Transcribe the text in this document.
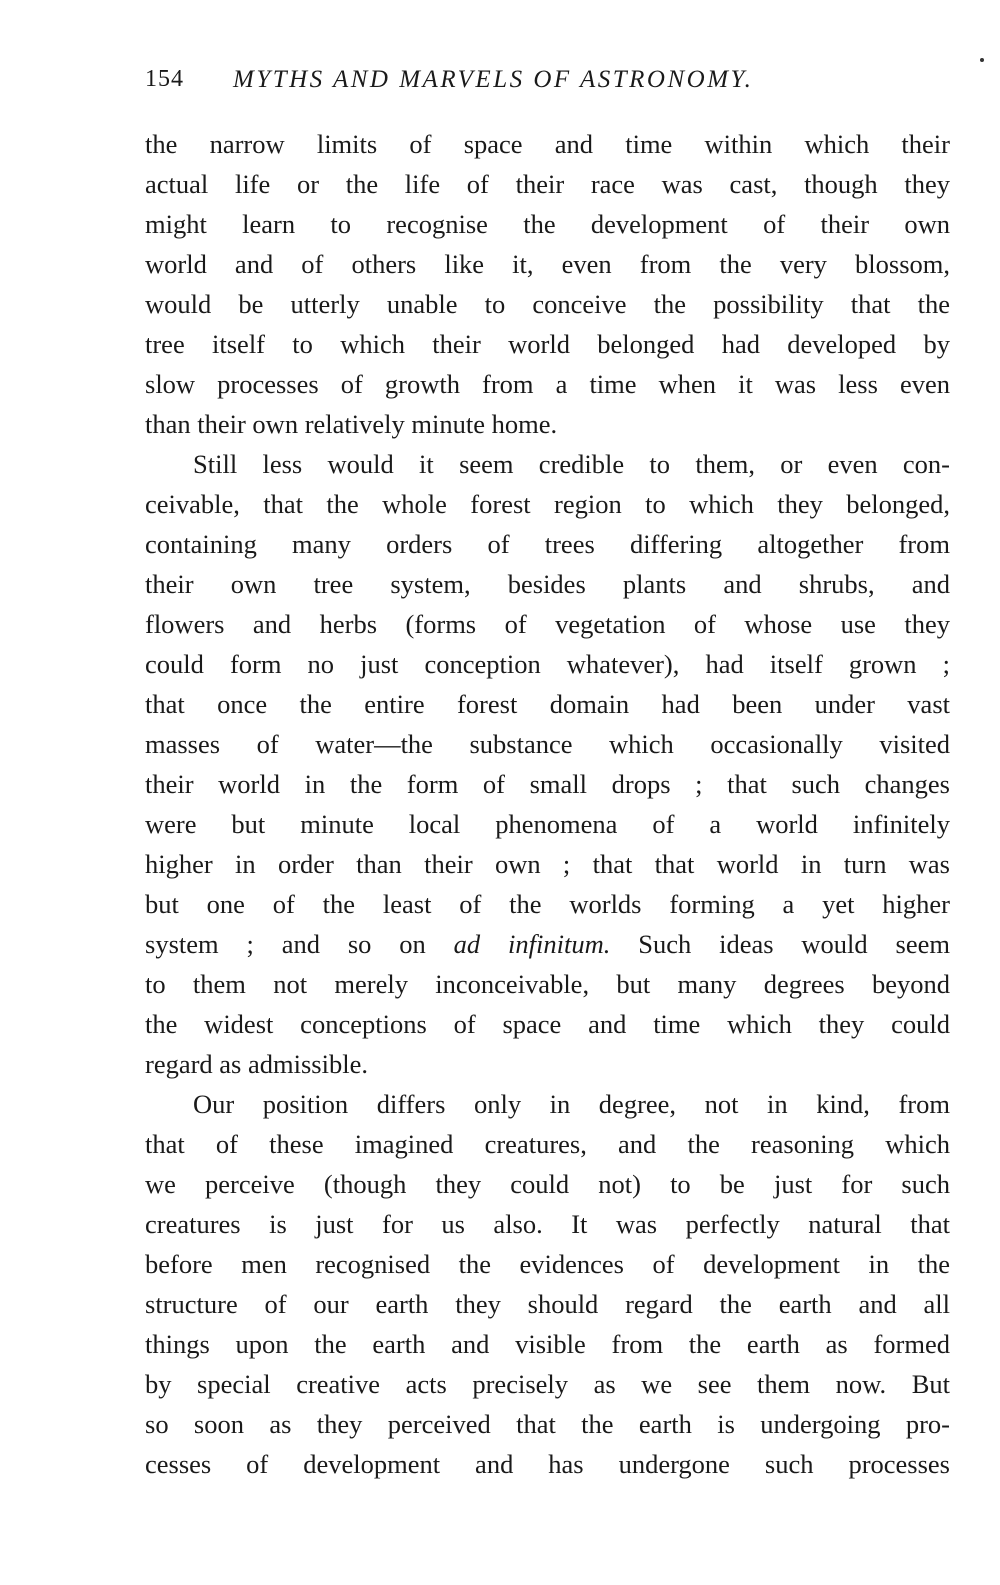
154 MYTHS AND MARVELS OF ASTRONOMY.
the narrow limits of space and time within which their
actual life or the life of their race was cast, though they
might learn to recognise the development of their own
world and of others like it, even from the very blossom,
would be utterly unable to conceive the possibility that the
tree itself to which their world belonged had developed by
slow processes of growth from a time when it was less even
than their own relatively minute home.
Still less would it seem credible to them, or even con-
ceivable, that the whole forest region to which they belonged,
containing many orders of trees differing altogether from
their own tree system, besides plants and shrubs, and
flowers and herbs (forms of vegetation of whose use they
could form no just conception whatever), had itself grown ;
that once the entire forest domain had been under vast
masses of water—the substance which occasionally visited
their world in the form of small drops ; that such changes
were but minute local phenomena of a world infinitely
higher in order than their own ; that that world in turn was
but one of the least of the worlds forming a yet higher
system ; and so on ad infinitum. Such ideas would seem
to them not merely inconceivable, but many degrees beyond
the widest conceptions of space and time which they could
regard as admissible.
Our position differs only in degree, not in kind, from
that of these imagined creatures, and the reasoning which
we perceive (though they could not) to be just for such
creatures is just for us also. It was perfectly natural that
before men recognised the evidences of development in the
structure of our earth they should regard the earth and all
things upon the earth and visible from the earth as formed
by special creative acts precisely as we see them now. But
so soon as they perceived that the earth is undergoing pro-
cesses of development and has undergone such processes
